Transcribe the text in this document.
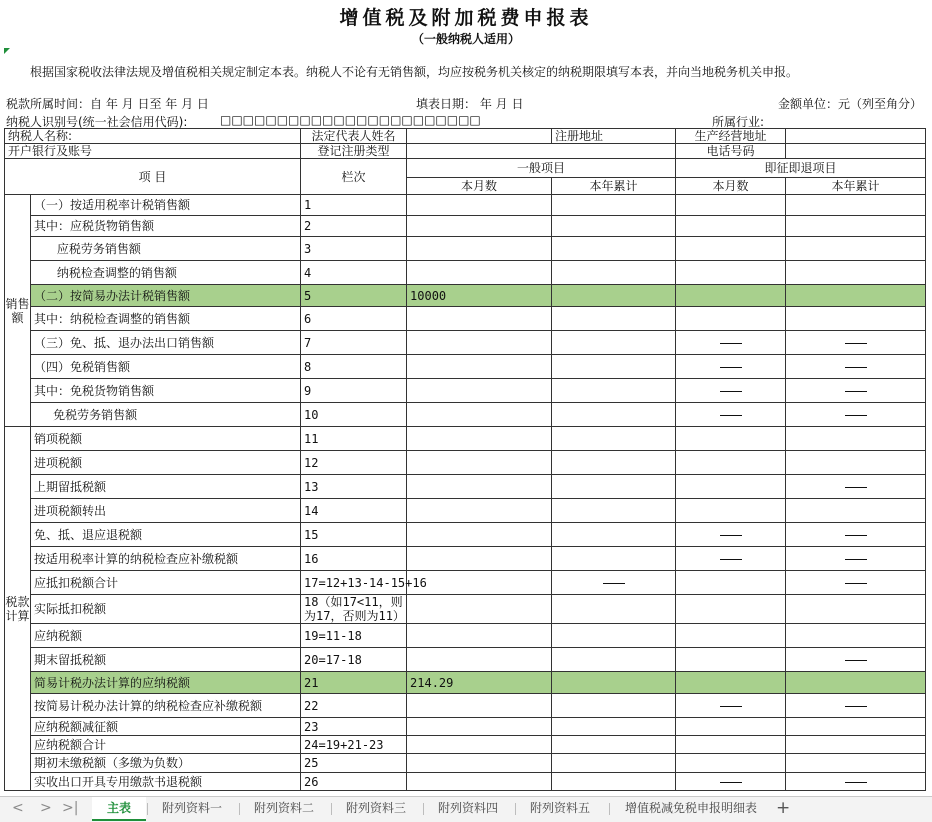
增值税及附加税费申报表
（一般纳税人适用）
根据国家税收法律法规及增值税相关规定制定本表。纳税人不论有无销售额，均应按税务机关核定的纳税期限填写本表，并向当地税务机关申报。
税款所属时间：自 年 月 日至 年 月 日	填表日期： 年 月 日	金额单位：元（列至角分）
纳税人识别号(统一社会信用代码):	□□□□□□□□□□□□□□□□□□□□□□□	所属行业:
纳税人名称:		法定代表人姓名		注册地址	生产经营地址	
开户银行及账号		登记注册类型			电话号码	
项 目		栏次	一般项目		即征即退项目	
			本月数	本年累计	本月数	本年累计
销售额	（一）按适用税率计税销售额	1				
	其中：应税货物销售额	2				
	应税劳务销售额	3				
	纳税检查调整的销售额	4				
	（二）按简易办法计税销售额	5	10000			
	其中：纳税检查调整的销售额	6				
	（三）免、抵、退办法出口销售额	7				
	（四）免税销售额	8				
	其中：免税货物销售额	9				
	免税劳务销售额	10				
税款计算	销项税额	11				
	进项税额	12				
	上期留抵税额	13				
	进项税额转出	14				
	免、抵、退应退税额	15				
	按适用税率计算的纳税检查应补缴税额	16				
	应抵扣税额合计	17=12+13-14-15+16				
	实际抵扣税额	18（如17<11，则为17，否则为11）				
	应纳税额	19=11-18				
	期末留抵税额	20=17-18				
	简易计税办法计算的应纳税额	21	214.29			
	按简易计税办法计算的纳税检查应补缴税额	22				
	应纳税额减征额	23				
	应纳税额合计	24=19+21-23				
	期初未缴税额（多缴为负数）	25				
	实收出口开具专用缴款书退税额	26				
< > >|	主表	附列资料一	附列资料二	附列资料三	附列资料四	附列资料五	增值税减免税申报明细表	+
